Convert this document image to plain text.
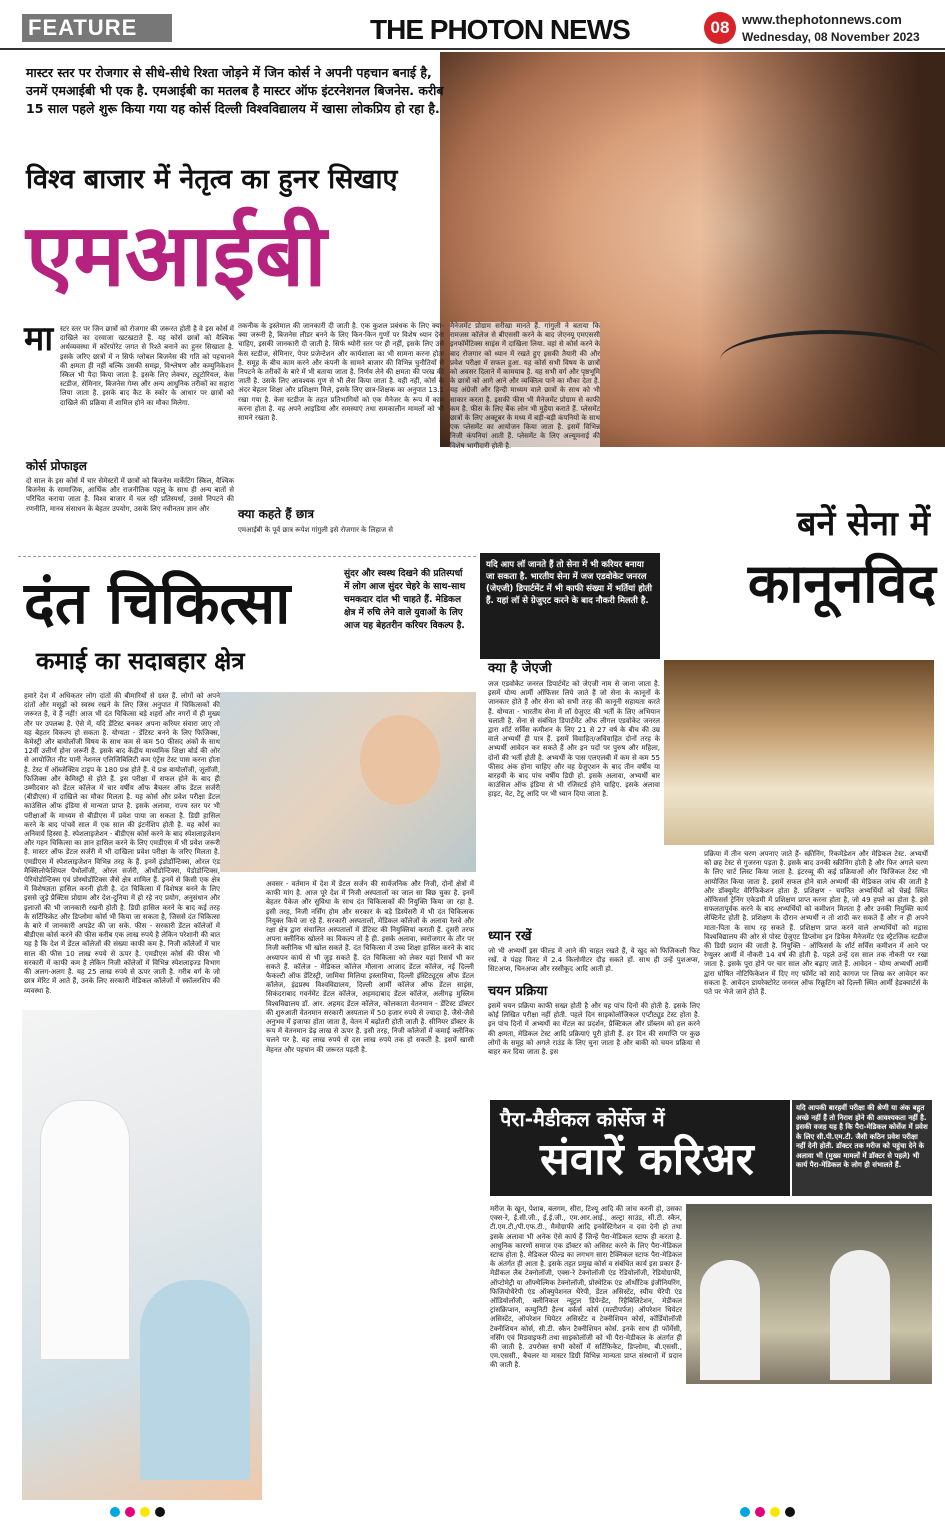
FEATURE	THE PHOTON NEWS	08 www.thephotonnews.com
Wednesday, 08 November 2023
मास्टर स्तर पर रोजगार से सीधे-सीधे रिश्ता जोड़ने में जिन कोर्स ने अपनी पहचान बनाई है, उनमें एमआईबी भी एक है. एमआईबी का मतलब है मास्टर ऑफ इंटरनेशनल बिजनेस. करीब 15 साल पहले शुरू किया गया यह कोर्स दिल्ली विश्वविद्यालय में खासा लोकप्रिय हो रहा है.
विश्व बाजार में नेतृत्व का हुनर सिखाए
एमआईबी
मा स्टर स्तर पर जिन छात्रों को रोजगार की जरूरत होती है वे इस कोर्स में दाखिले का दरवाजा खटखटाते हैं. यह कोर्स छात्रों को वैश्विक अर्थव्यवस्था में कॉरपोरेट जगत से रिश्ते बनाने का हुनर सिखाता है. इसके जरिए छात्रों में न सिर्फ ग्लोबल बिजनेस की गति को पहचानने की क्षमता ही नहीं बल्कि उसकी समझ, विश्लेषण और कम्युनिकेशन स्किल भी पैदा किया जाता है. इसके लिए लेक्चर, ट्यूटोरियल, केस स्टडीज, सेमिनार, बिजनेस गेम्स और अन्य आधुनिक तरीकों का सहारा लिया जाता है. इसके बाद कैट के स्कोर के आधार पर छात्रों को दाखिले की प्रक्रिया में शामिल होने का मौका मिलेगा.
कोर्स प्रोफाइल
दो साल के इस कोर्स में चार सेमेस्टरों में छात्रों को बिजनेस मार्केटिंग स्किल, वैश्विक बिजनेस के सामाजिक, आर्थिक और राजनीतिक पहलू के साथ ही अन्य बातों से परिचित कराया जाता है. विश्व बाजार में चल रही प्रतिस्पर्धा, उससे निपटने की रणनीति, मानव संसाधन के बेहतर उपयोग, उसके लिए नवीनतम ज्ञान और
तकनीक के इस्तेमाल की जानकारी दी जाती है. एक कुशल प्रबंधक के लिए क्या-क्या जरूरी है, बिजनेस लीडर बनने के लिए किन-किन गुणों पर विशेष ध्यान देना चाहिए, इसकी जानकारी दी जाती है. सिर्फ थ्योरी स्तर पर ही नहीं, इसके लिए उसे केस स्टडीज, सेमिनार, पेपर प्रजेन्टेशन और कार्यशाला का भी सामना करना होता है. समूह के बीच काम करने और कंपनी के सामने बाजार की विभिन्न चुनौतियों से निपटने के तरीकों के बारे में भी बताया जाता है. निर्णय लेने की क्षमता की परख की जाती है. उसके लिए आवश्यक गुण से भी लैस किया जाता है. यही नहीं, कोर्स के अंदर बेहतर शिक्षा और प्रशिक्षण मिले, इसके लिए छात्र-शिक्षक का अनुपात 13.1 रखा गया है. केस स्टडीज के तहत प्रतिभागियों को एक मैनेजर के रूप में काम करना होता है. वह अपने आइडिया और समस्याएं तथा समकालीन मामलों को भी सामने रखता है.
क्या कहते हैं छात्र
एमआईबी के पूर्व छात्र रूपेश गांगुली इसे रोजगार के लिहाज से
मैनेजमेंट प्रोग्राम सरीखा मानते हैं. गांगुली ने बताया कि रामजस कॉलेज से बीएससी करने के बाद जेएनयू एमएससी इनफॉर्मेटिक्स साइंस में दाखिला लिया. वहां से कोर्स करने के बाद रोजगार को ध्यान में रखते हुए इसकी तैयारी की और प्रवेश परीक्षा में सफल हुआ. यह कोर्स सभी विषय के छात्रों को अवसर दिलाने में कामयाब है. यह सभी वर्ग और पृष्ठभूमि के छात्रों को आगे आने और व्यक्तित्व पाने का मौका देता है. यह अंग्रेजी और हिन्दी माध्यम वाले छात्रों के साथ को भी साकार करता है. इसकी फीस भी मैनेजमेंट प्रोग्राम से काफी कम है. फीस के लिए बैंक लोन भी मुहैया कराते हैं. प्लेसमेंट छात्रों के लिए अक्टूबर के मध्य में बड़ी-बड़ी कंपनियों के साथ एक प्लेसमेंट का आयोजन किया जाता है. इसमें विभिन्न निजी कंपनियां आती हैं. प्लेसमेंट के लिए अल्यूमनाई की विशेष भागीदारी होती है.
बनें सेना में
कानूनविद
दंत चिकित्सा
कमाई का सदाबहार क्षेत्र
सुंदर और स्वस्थ दिखने की प्रतिस्पर्धा में लोग आज सुंदर चेहरे के साथ-साथ चमकदार दांत भी चाहते हैं. मेडिकल क्षेत्र में रुचि लेने वाले युवाओं के लिए आज यह बेहतरीन करियर विकल्प है.
यदि आप लॉ जानते हैं तो सेना में भी करियर बनाया जा सकता है. भारतीय सेना में जज एडवोकेट जनरल (जेएजी) डिपार्टमेंट में भी काफी संख्या में भर्तियां होती हैं. यहां लॉ से ग्रेजुएट करने के बाद नौकरी मिलती है.
हमारे देश में अधिकतर लोग दांतों की बीमारियों से ग्रस्त हैं. लोगों को अपने दांतों और मसूढ़ों को स्वस्थ रखने के लिए जिस अनुपात में चिकित्सकों की जरूरत है, वे हैं नहीं! आज भी दंत चिकित्सा बड़े शहरों और नगरों में ही मुख्य तौर पर उपलब्ध है. ऐसे में, यदि डेंटिस्ट बनकर अपना करियर संवारा जाए तो यह बेहतर विकल्प हो सकता है. योग्यता - डेंटिस्ट बनने के लिए फिजिक्स, केमेस्ट्री और बायोलॉजी विषय के साथ कम से कम 50 फीसद अंकों के साथ 12वीं उत्तीर्ण होना जरूरी है. इसके बाद केंद्रीय माध्यमिक शिक्षा बोर्ड की ओर से आयोजित नीट यानी नेशनल एलिजिबिलिटी कम एंट्रेंस टेस्ट पास करना होता है. टेस्ट में ऑब्जेक्टिव टाइप के 180 प्रश्न होते हैं. ये प्रश्न बायोलॉजी, जूलॉजी, फिजिक्स और केमिस्ट्री से होते हैं. इस परीक्षा में सफल होने के बाद ही उम्मीदवार को डेंटल कॉलेज में चार वर्षीय ऑफ बैचलर ऑफ डेंटल सर्जरी (बीडीएस) में दाखिले का मौका मिलता है. यह कोर्स और प्रवेश परीक्षा डेंटल काउंसिल ऑफ इंडिया से मान्यता प्राप्त है. इसके अलावा, राज्य स्तर पर भी परीक्षाओं के माध्यम से बीडीएस में प्रवेश पाया जा सकता है. डिग्री हासिल करने के बाद पांचवें साल में एक साल की इंटर्नशिप होती है. यह कोर्स का अनिवार्य हिस्सा है. स्पेशलाइजेशन - बीडीएस कोर्स करने के बाद स्पेशलाइजेशन और गहन चिकित्सा का ज्ञान हासिल करने के लिए एमडीएस में भी प्रवेश जरूरी है. मास्टर ऑफ डेंटल सर्जरी में भी दाखिला प्रवेश परीक्षा के जरिए मिलता है. एमडीएस में स्पेशलाइजेशन विभिन्न तरह के हैं. इनमें इंडोडॉन्टिक्स, ओरल एंड मैक्सिलोफेशियल पैथोलॉजी, ओरल सर्जरी, ऑर्थोडोन्टिक्स, पेडोडोन्टिक्स, पेरियोडोन्टिक्स एवं प्रोस्थोडोंटिक्स जैसे क्षेत्र शामिल हैं. इनमें से किसी एक क्षेत्र में विशेषज्ञता हासिल करनी होती है. दंत चिकित्सा में विशेषज्ञ बनने के लिए इससे जुड़े प्रैक्टिस प्रोग्राम और देश-दुनिया में हो रहे नए प्रयोग, अनुसंधान और इलाजों की भी जानकारी रखनी होती है. डिग्री हासिल करने के बाद कई तरह के सर्टिफिकेट और डिप्लोमा कोर्स भी किया जा सकता है, जिससे दंत चिकित्सा के बारे में जानकारी अपडेट की जा सके. फीस - सरकारी डेंटल कॉलेजों में बीडीएस कोर्स करने की फीस करीब एक लाख रुपये है लेकिन परेशानी की बात यह है कि देश में डेंटल कॉलेजों की संख्या काफी कम है. निजी कॉलेजों में चार साल की फीस 10 लाख रुपये से ऊपर है. एमडीएस कोर्स की फीस भी सरकारी में काफी कम है लेकिन निजी कॉलेजों में विभिन्न स्पेशलाइज्ड विभाग की अलग-अलग है. यह 25 लाख रुपये से ऊपर जाती है. गरीब वर्ग के जो छात्र मेरिट में आते हैं, उनके लिए सरकारी मेडिकल कॉलेजों में स्कॉलरशिप की व्यवस्था है.
अवसर - वर्तमान में देश में डेंटल सर्जन की सार्वजनिक और निजी, दोनों क्षेत्रों में काफी मांग है. आज पूरे देश में निजी अस्पतालों का जाल सा बिछ चुका है. इनमें बेहतर पैकेज और सुविधा के साथ दंत चिकित्सकों की नियुक्ति किया जा रहा है. इसी तरह, निजी नर्सिंग होम और सरकार के बड़े डिस्पेंसरी में भी दंत चिकित्सक नियुक्त किये जा रहे हैं. सरकारी अस्पतालों, मेडिकल कॉलेजों के अलावा रेलवे और रक्षा क्षेत्र द्वारा संचालित अस्पतालों में डेंटिस्ट की नियुक्तियां कराती हैं. दूसरी तरफ अपना क्लीनिक खोलने का विकल्प तो है ही. इसके अलावा, स्वरोजगार के तौर पर निजी क्लीनिक भी खोल सकते हैं. दंत चिकित्सा में उच्च शिक्षा हासिल करने के बाद अध्यापन कार्य से भी जुड़ सकते हैं. दंत चिकित्सा को लेकर यहां रिसर्च भी कर सकते हैं. कॉलेज - मेडिकल कॉलेज मौलाना आजाद डेंटल कॉलेज, नई दिल्ली फैकल्टी ऑफ डेंटिस्ट्री, जामिया मिलिया इस्लामिया, दिल्ली इंस्टिट्यूट्स ऑफ डेंटल कॉलेज, इंद्रप्रस्थ विश्वविद्यालय, दिल्ली आर्मी कॉलेज ऑफ डेंटल साइंस, सिकंदराबाद गवर्नमेंट डेंटल कॉलेज, अहमदाबाद डेंटल कॉलेज, अलीगढ़ मुस्लिम विश्वविद्यालय डॉ. आर. अहमद डेंटल कॉलेज, कोलकाता वेतनमान - डेंटिस्ट डॉक्टर की शुरुआती वेतनमान सरकारी अस्पताल में 50 हजार रुपये से ज्यादा है. जैसे-जैसे अनुभव में इजाफा होता जाता है, वेतन में बढ़ोतरी होती जाती है. सीनियर डॉक्टर के रूप में वेतनमान डेढ़ लाख से ऊपर है. इसी तरह, निजी कॉलेजों में कमाई क्लीनिक चलने पर है. यह लाख रुपये से दस लाख रुपये तक हो सकती है. इसमें खासी मेहनत और पहचान की जरूरत पड़ती है.
क्या है जेएजी
जज एडवोकेट जनरल डिपार्टमेंट को जेएजी नाम से जाना जाता है. इसमें योग्य आर्मी ऑफिसर लिये जाते हैं जो सेना के कानूनों के जानकार होते हैं और सेना को सभी तरह की कानूनी सहायता करते हैं. योग्यता - भारतीय सेना में लॉ ग्रेजुएट की भर्ती के लिए अभियान चलाती है. सेना से संबंधित डिपार्टमेंट ऑफ लीगल एडवोकेट जनरल द्वारा शॉर्ट सर्विस कमीशन के लिए 21 से 27 वर्ष के बीच की उम्र वाले अभ्यर्थी ही पात्र हैं. इसमें विवाहित/अविवाहित दोनों तरह के अभ्यर्थी आवेदन कर सकते हैं और इन पदों पर पुरुष और महिला, दोनों की भर्ती होती है. अभ्यर्थी के पास एलएलबी में कम से कम 55 फीसद अंक होना चाहिए और वह ग्रेजुएशन के बाद तीन वर्षीय या बारहवीं के बाद पांच वर्षीय डिग्री हो. इसके अलावा, अभ्यर्थी बार काउंसिल ऑफ इंडिया से भी रजिस्टर्ड होने चाहिए. इसके अलावा हाइट, वेट, टैटू आदि पर भी ध्यान दिया जाता है.
ध्यान रखें
जो भी अभ्यर्थी इस फील्ड में आने की चाहत रखते हैं, वे खुद को फिजिकली फिट रखें. वे पंद्रह मिनट में 2.4 किलोमीटर दौड़ सकते हों. साथ ही उन्हें पुशअप्स, सिटअप्स, चिनअप्स और रस्सीकूद आदि आती हो.
चयन प्रक्रिया
इसमें चयन प्रक्रिया काफी सख्त होती है और यह पांच दिनों की होती है. इसके लिए कोई लिखित परीक्षा नहीं होती. पहले दिन साइकोलॉजिकल एप्टीट्यूड टेस्ट होता है. इन पांच दिनों में अभ्यर्थी का मेंटल का प्रदर्शन, प्रैक्टिकल और प्रॉब्लम को हल करने की क्षमता, मेडिकल टेस्ट आदि प्रक्रियाएं पूरी होती हैं. हर दिन की समाप्ति पर कुछ लोगों के समूह को अगले राउंड के लिए चुना जाता है और बाकी को चयन प्रक्रिया से बाहर कर दिया जाता है. इस
प्रक्रिया में तीन चरण अपनाए जाते हैं- स्क्रीनिंग, रिकमेंडेशन और मेडिकल टेस्ट. अभ्यर्थी को छह टेस्ट से गुजरना पड़ता है. इसके बाद उनकी स्क्रीनिंग होती है और फिर अगले चरण के लिए चार्ट लिस्ट किया जाता है. इंटरव्यू की कई प्रक्रियाओं और फिजिकल टेस्ट भी आयोजित किया जाता है. इसमें सफल होने वाले अभ्यर्थी की मेडिकल जांच की जाती है और डॉक्यूमेंट वेरिफिकेशन होता है. प्रशिक्षण - चयनित अभ्यर्थियों को चेन्नई स्थित ऑफिसर्स ट्रेनिंग एकेडमी में प्रशिक्षण प्राप्त करना होता है, जो 49 हफ्ते का होता है. इसे सफलतापूर्वक करने के बाद अभ्यर्थियों को कमीशन मिलता है और उनकी नियुक्ति कार्य लेफ्टिनेंट होती है. प्रशिक्षण के दौरान अभ्यर्थी न तो शादी कर सकते हैं और न ही अपने माता-पिता के साथ रह सकते हैं. प्रशिक्षण प्राप्त करने वाले अभ्यर्थियों को मद्रास विश्वविद्यालय की ओर से पोस्ट ग्रेजुएट डिप्लोमा इन डिफेंस मैनेजमेंट एंड स्ट्रैटजिक स्टडीज की डिग्री प्रदान की जाती है. नियुक्ति - ऑफिसर्स के शॉर्ट सर्विस कमीशन में आने पर रेग्युलर आर्मी में नौकरी 14 वर्ष की होती है. पहले उन्हें दस साल तक नौकरी पर रखा जाता है. इसके पूरा होने पर चार साल और बढ़ाए जाते हैं. आवेदन - योग्य अभ्यर्थी आर्मी द्वारा घोषित नोटिफिकेशन में दिए गए फॉर्मेट को सादे कागज पर लिख कर आवेदन कर सकता है. आवेदन डायरेक्टोरेट जनरल ऑफ रिक्रूटिंग को दिल्ली स्थित आर्मी हेडक्वार्टर्स के पते पर भेजे जाने होते हैं.
पैरा-मैडीकल कोर्सेज में
संवारें करिअर
यदि आपकी बारहवीं परीक्षा की श्रेणी या अंक बहुत अच्छे नहीं हैं तो निराश होने की आवश्यकता नहीं है. इसकी वजह यह है कि पैरा-मेडिकल कोर्सेज में प्रवेश के लिए सी.पी.एम.टी. जैसी कठिन प्रवेश परीक्षा नहीं देनी होती. डॉक्टर तक मरीज को पहुंचा देने के अलावा भी (मुख्य मामलों में डॉक्टर से पहले) भी कार्य पैरा-मेडिकल के लोग ही संभालते हैं.
मरीज के खून, पेशाब, बलगम, सीरा, टिश्यू आदि की जांच करनी हो, उसका एक्स-रे, ई.सी.जी., ई.ई.जी., एम.आर.आई., अल्ट्रा साउंड, सी.टी. स्कैन, टी.एम.टी./पी.एफ.टी., मैमोग्राफी आदि इनवेस्टिगेशन व दवा देनी हो तथा इसके अलावा भी अनेक ऐसे कार्य हैं जिन्हें पैरा-मेडिकल स्टाफ ही करता है. आधुनिक कारणों समाज एक डॉक्टर को असिस्ट करने के लिए पैरा-मेडिकल स्टाफ होता है. मेडिकल फील्ड का लगभग सारा टैक्निकल स्टाफ पैरा-मेडिकल के अंतर्गत ही आता है. इसके तहत प्रमुख कोर्स व संबंधित कार्य इस प्रकार हैं- मेडीकल लैब टेक्नोलॉजी, एक्स-रे टेक्नोलॉजी एंड रेडियोलॉजी, रेडियोग्राफी, ऑप्टोमेट्री या ऑफ्थैल्मिक टेक्नोलॉजी, प्रोस्थेटिक एंड ऑर्थोटिक इंजीनियरिंग, फिजियोथैरेपी एंड ऑक्युपेशनल थैरेपी, डेंटल असिस्टेंट, स्पीच थैरेपी एंड ऑडियोलॉजी, क्लीनिकल न्यूट्रल डिपेन्डेंट, रिहैबिलिटेशन, मेडीकल ट्रांसक्रिप्शन, कम्युनिटी हैल्थ वर्कर्स कोर्स (मल्टीपर्पज) ऑपरेशन थियेटर असिस्टेंट, ऑपरेशन थियेटर असिस्टेंट व टेक्नीशियन कोर्स, कॉर्डियोलॉजी टेक्नीशियन कोर्स, सी.टी. स्कैन टैक्नीशियन कोर्स. इनके साथ ही फॉर्मेसी, नर्सिंग एवं मिडवाइफरी तथा साइकोलॉजी को भी पैरा-मेडीकल के अंतर्गत ही की जाती है. उपरोक्त सभी कोर्सों में सर्टिफिकेट, डिप्लोमा, बी.एससी., एम.एससी., बैचलर या मास्टर डिग्री विभिन्न मान्यता प्राप्त संस्थानों में प्रदान की जाती है.
